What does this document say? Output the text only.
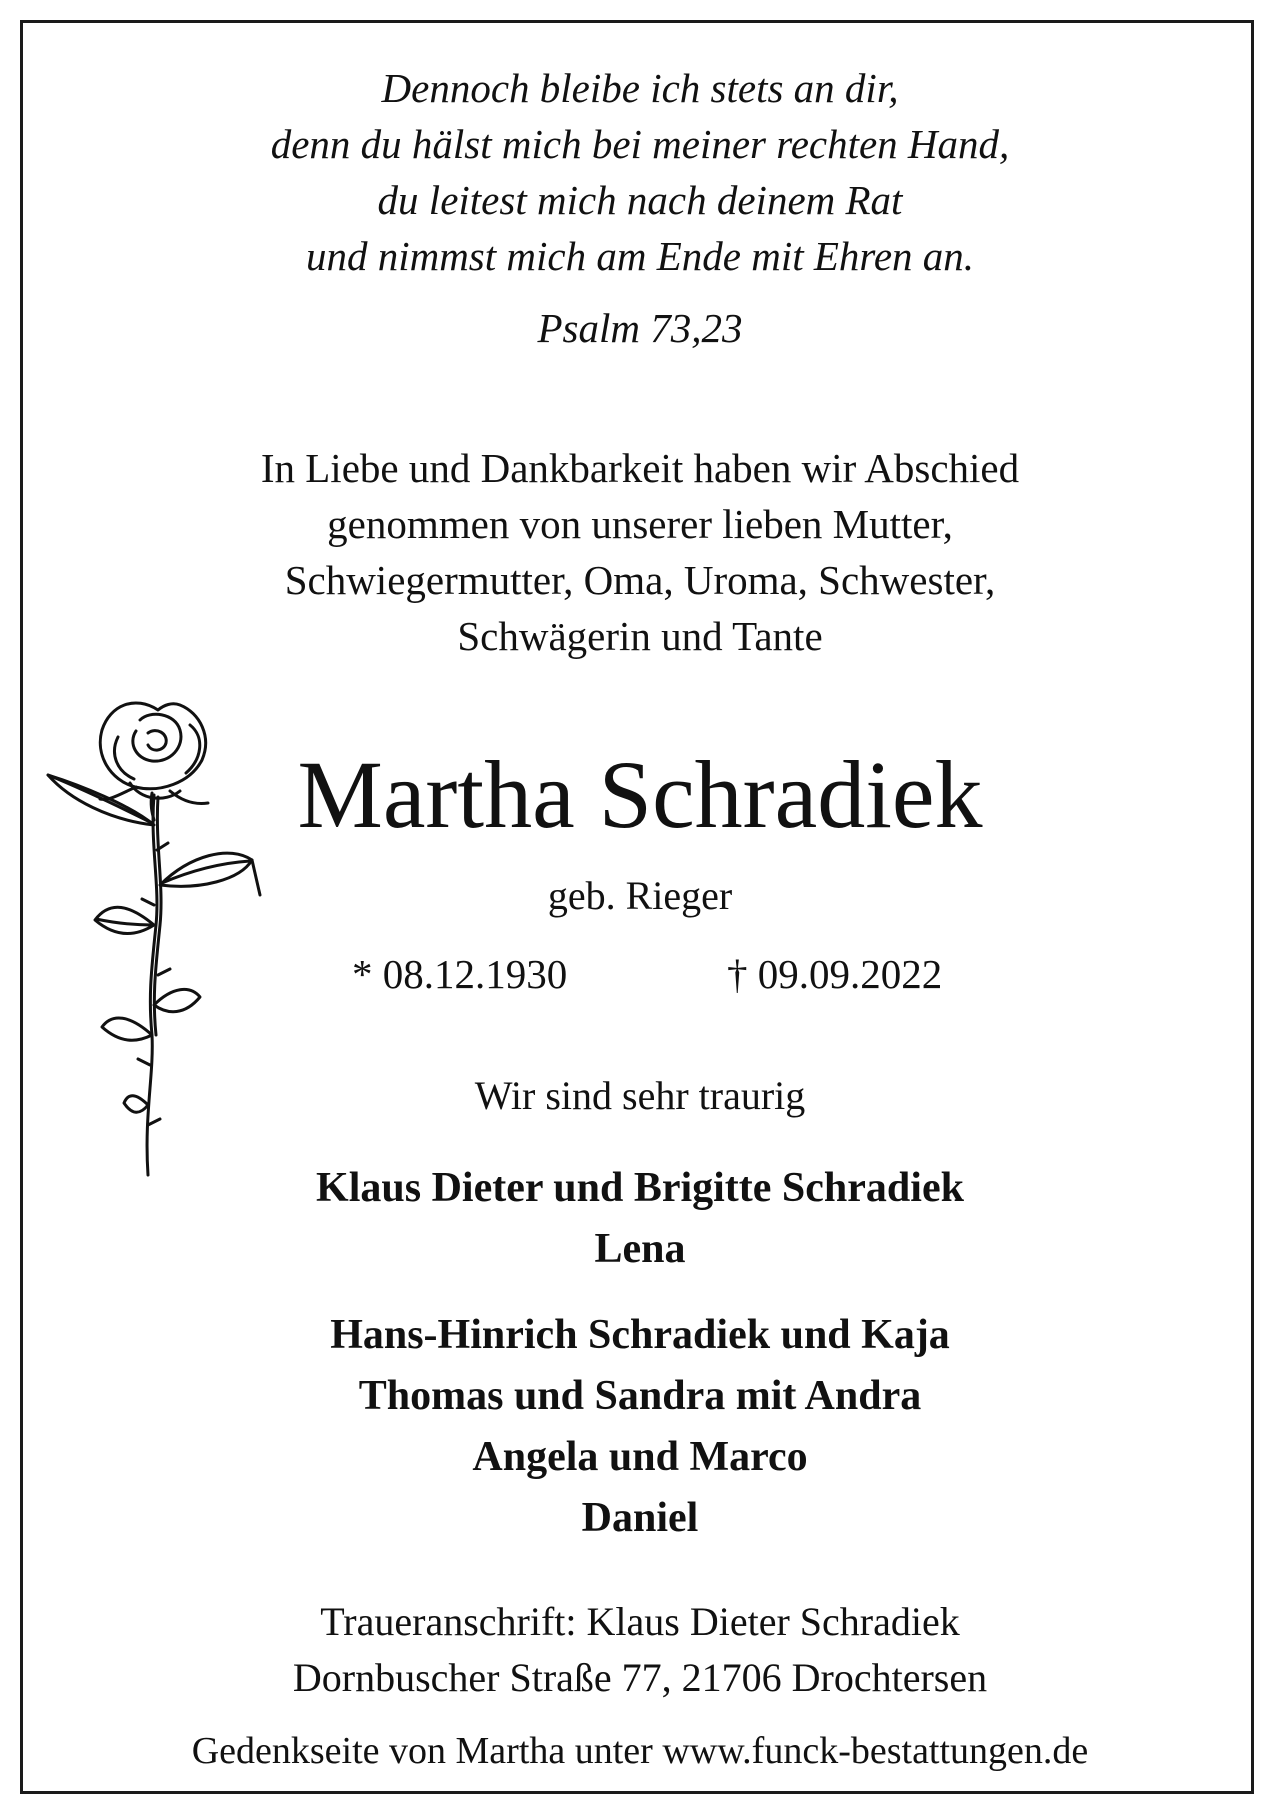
Dennoch bleibe ich stets an dir,
denn du hälst mich bei meiner rechten Hand,
du leitest mich nach deinem Rat
und nimmst mich am Ende mit Ehren an.
Psalm 73,23
In Liebe und Dankbarkeit haben wir Abschied
genommen von unserer lieben Mutter,
Schwiegermutter, Oma, Uroma, Schwester,
Schwägerin und Tante
Martha Schradiek
geb. Rieger
* 08.12.1930	† 09.09.2022
Wir sind sehr traurig
Klaus Dieter und Brigitte Schradiek
Lena
Hans-Hinrich Schradiek und Kaja
Thomas und Sandra mit Andra
Angela und Marco
Daniel
Traueranschrift: Klaus Dieter Schradiek
Dornbuscher Straße 77, 21706 Drochtersen
Gedenkseite von Martha unter www.funck-bestattungen.de
